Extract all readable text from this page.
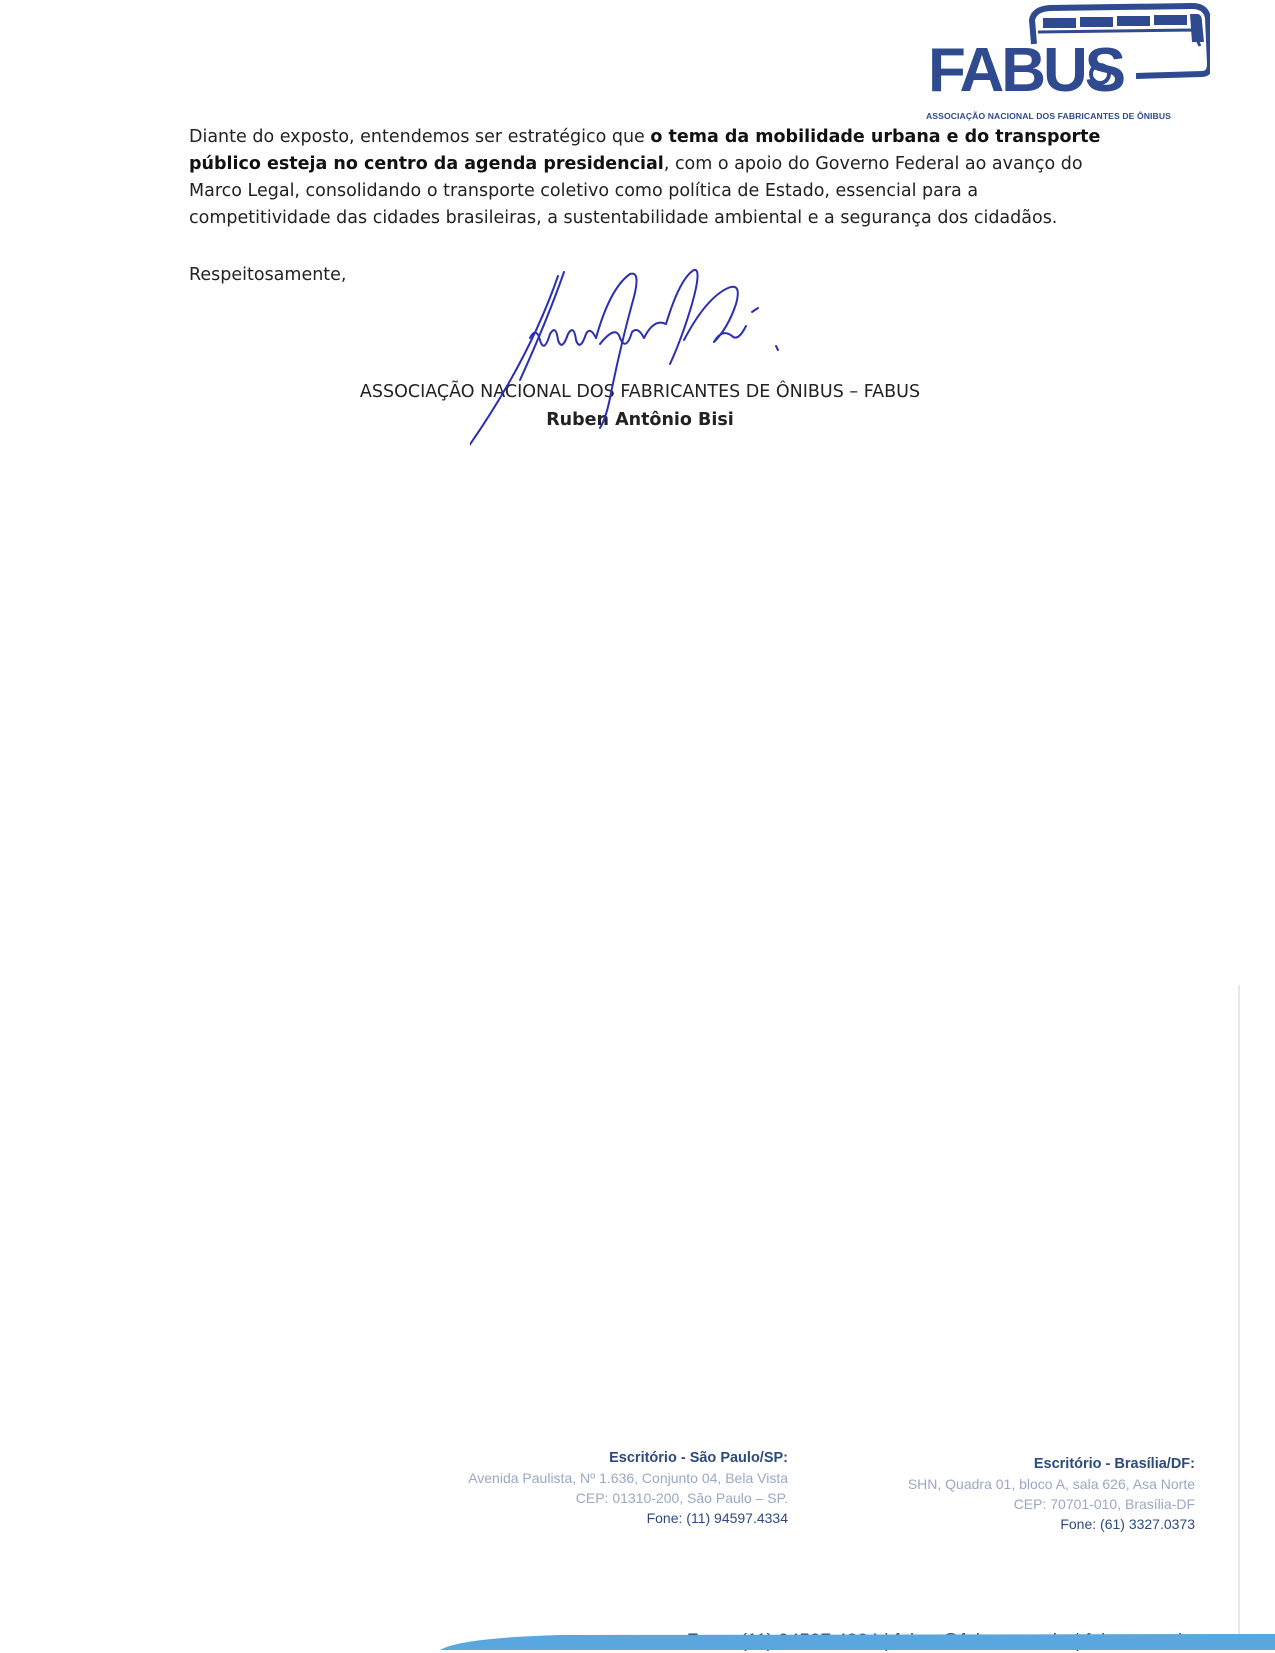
FABUS
ASSOCIAÇÃO NACIONAL DOS FABRICANTES DE ÔNIBUS
Diante do exposto, entendemos ser estratégico que o tema da mobilidade urbana e do transporte público esteja no centro da agenda presidencial, com o apoio do Governo Federal ao avanço do Marco Legal, consolidando o transporte coletivo como política de Estado, essencial para a competitividade das cidades brasileiras, a sustentabilidade ambiental e a segurança dos cidadãos.
Respeitosamente,
ASSOCIAÇÃO NACIONAL DOS FABRICANTES DE ÔNIBUS – FABUS
Ruben Antônio Bisi
Escritório - São Paulo/SP:
Avenida Paulista, Nº 1.636, Conjunto 04, Bela Vista
CEP: 01310-200, São Paulo – SP.
Fone: (11) 94597.4334
Escritório - Brasília/DF:
SHN, Quadra 01, bloco A, sala 626, Asa Norte
CEP: 70701-010, Brasília-DF
Fone: (61) 3327.0373
